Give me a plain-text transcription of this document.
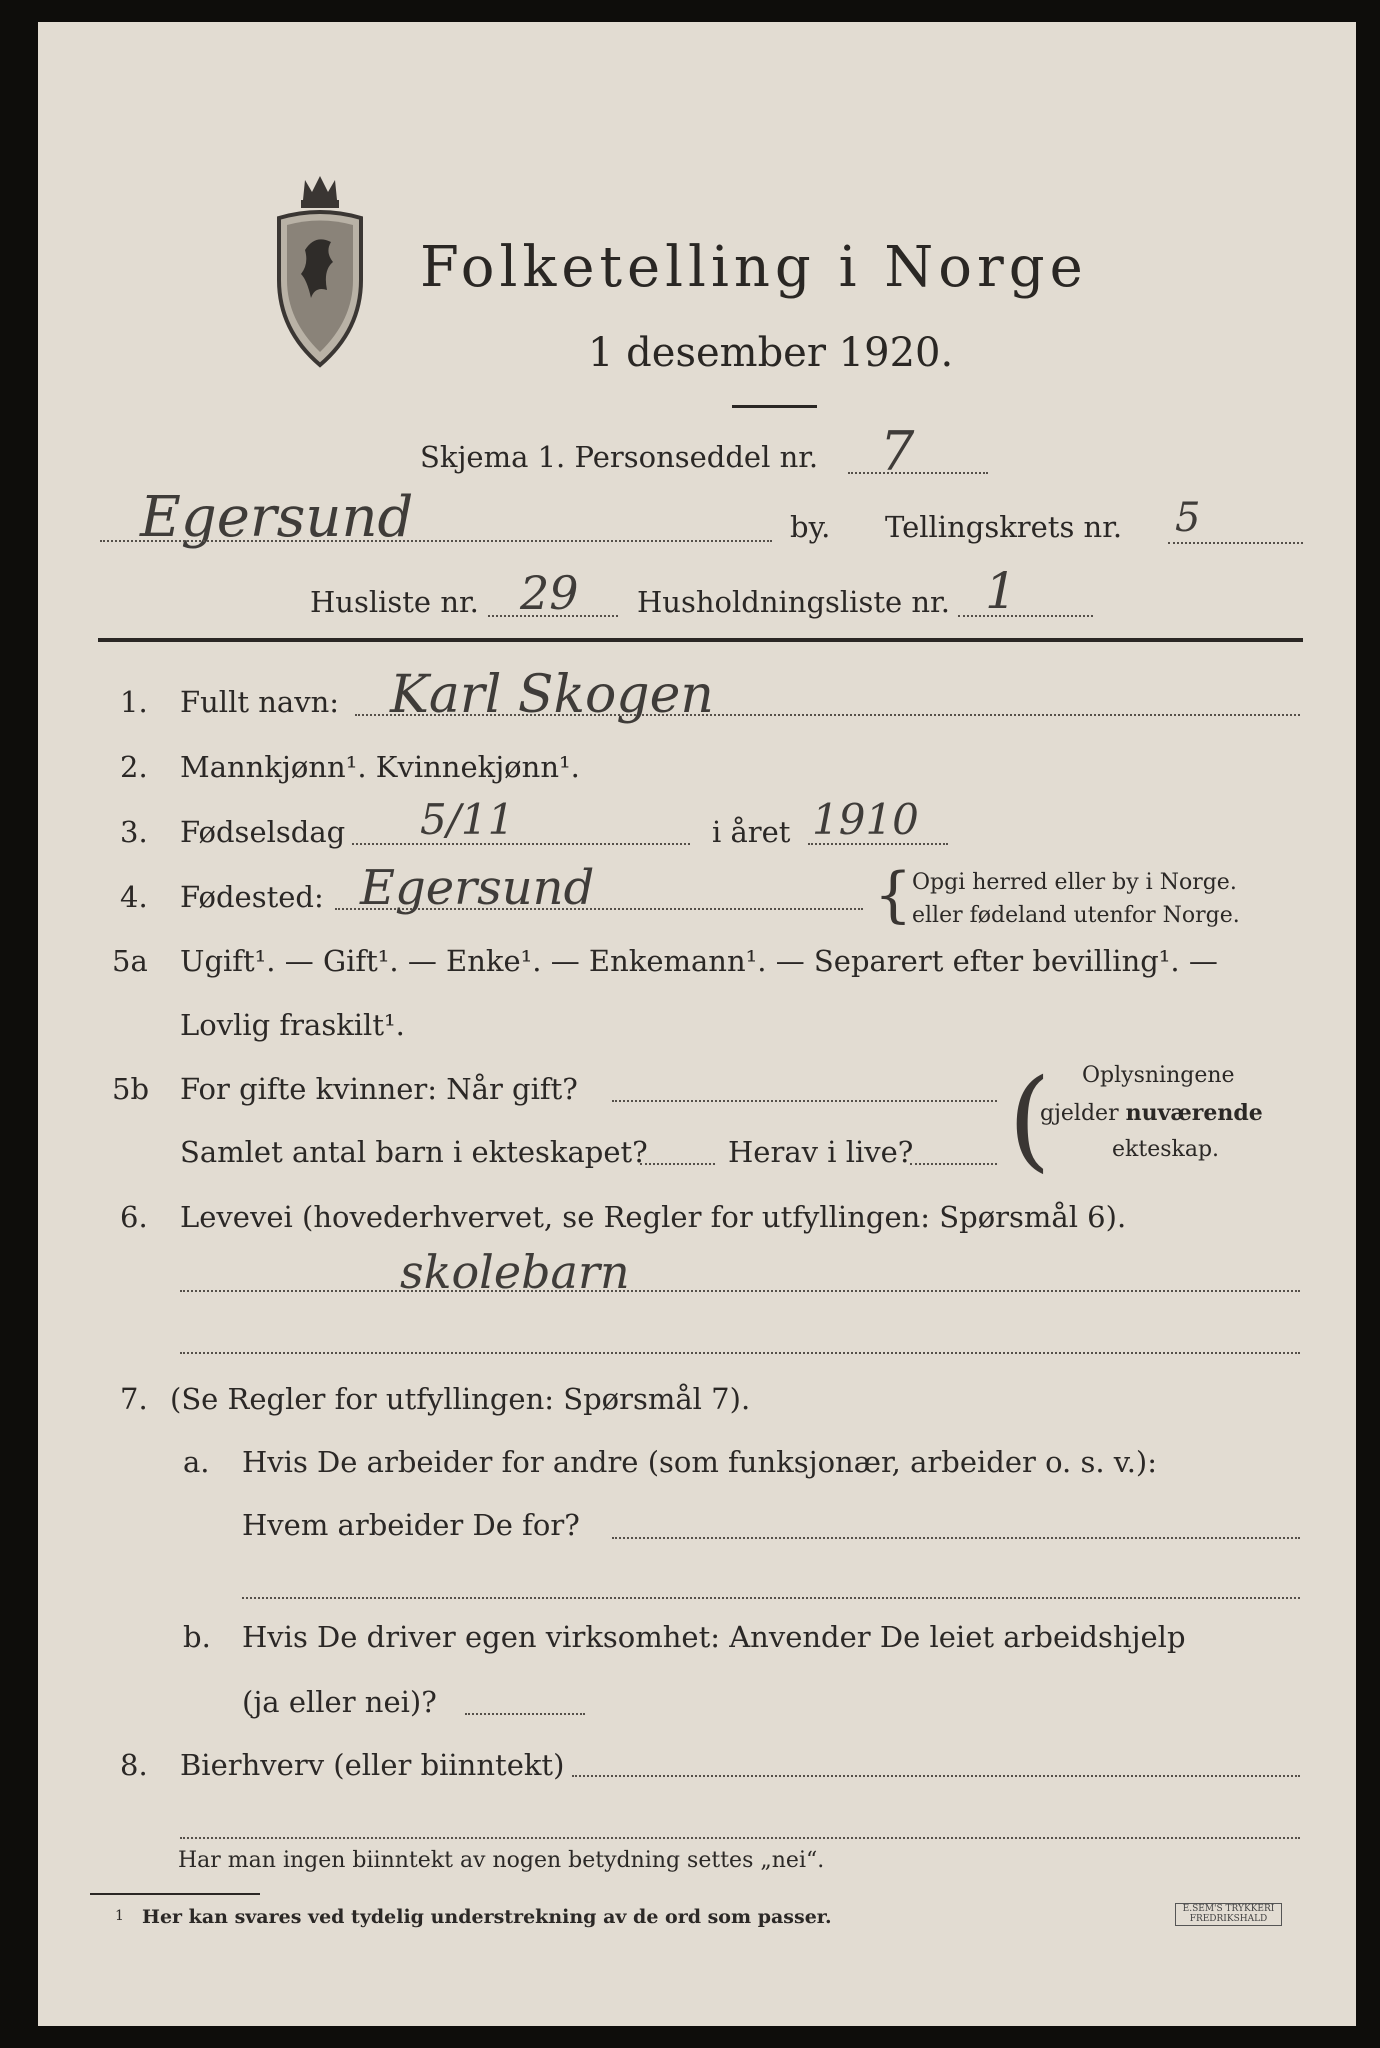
Folketelling i Norge
1 desember 1920.
Skjema 1. Personseddel nr. 7
Egersund	by. Tellingskrets nr. 5
Husliste nr. 29 Husholdningsliste nr. 1
1. Fullt navn: Karl Skogen
2. Mannkjønn¹. Kvinnekjønn¹.
3. Fødselsdag 5/11	i året 1910
4. Fødested: Egersund	{ Opgi herred eller by i Norge.
eller fødeland utenfor Norge.
5a Ugift¹. — Gift¹. — Enke¹. — Enkemann¹. — Separert efter bevilling¹. —
Lovlig fraskilt¹.
5b For gifte kvinner: Når gift?
Samlet antal barn i ekteskapet?	Herav i live? ( Oplysningene
gjelder nuværende
ekteskap.
6. Levevei (hovederhvervet, se Regler for utfyllingen: Spørsmål 6).
skolebarn
7. (Se Regler for utfyllingen: Spørsmål 7).
a. Hvis De arbeider for andre (som funksjonær, arbeider o. s. v.):
Hvem arbeider De for?
b. Hvis De driver egen virksomhet: Anvender De leiet arbeidshjelp
(ja eller nei)?
8. Bierhverv (eller biinntekt)
Har man ingen biinntekt av nogen betydning settes „nei“.
1 Her kan svares ved tydelig understrekning av de ord som passer.	E.SEM'S TRYKKERI
FREDRIKSHALD
